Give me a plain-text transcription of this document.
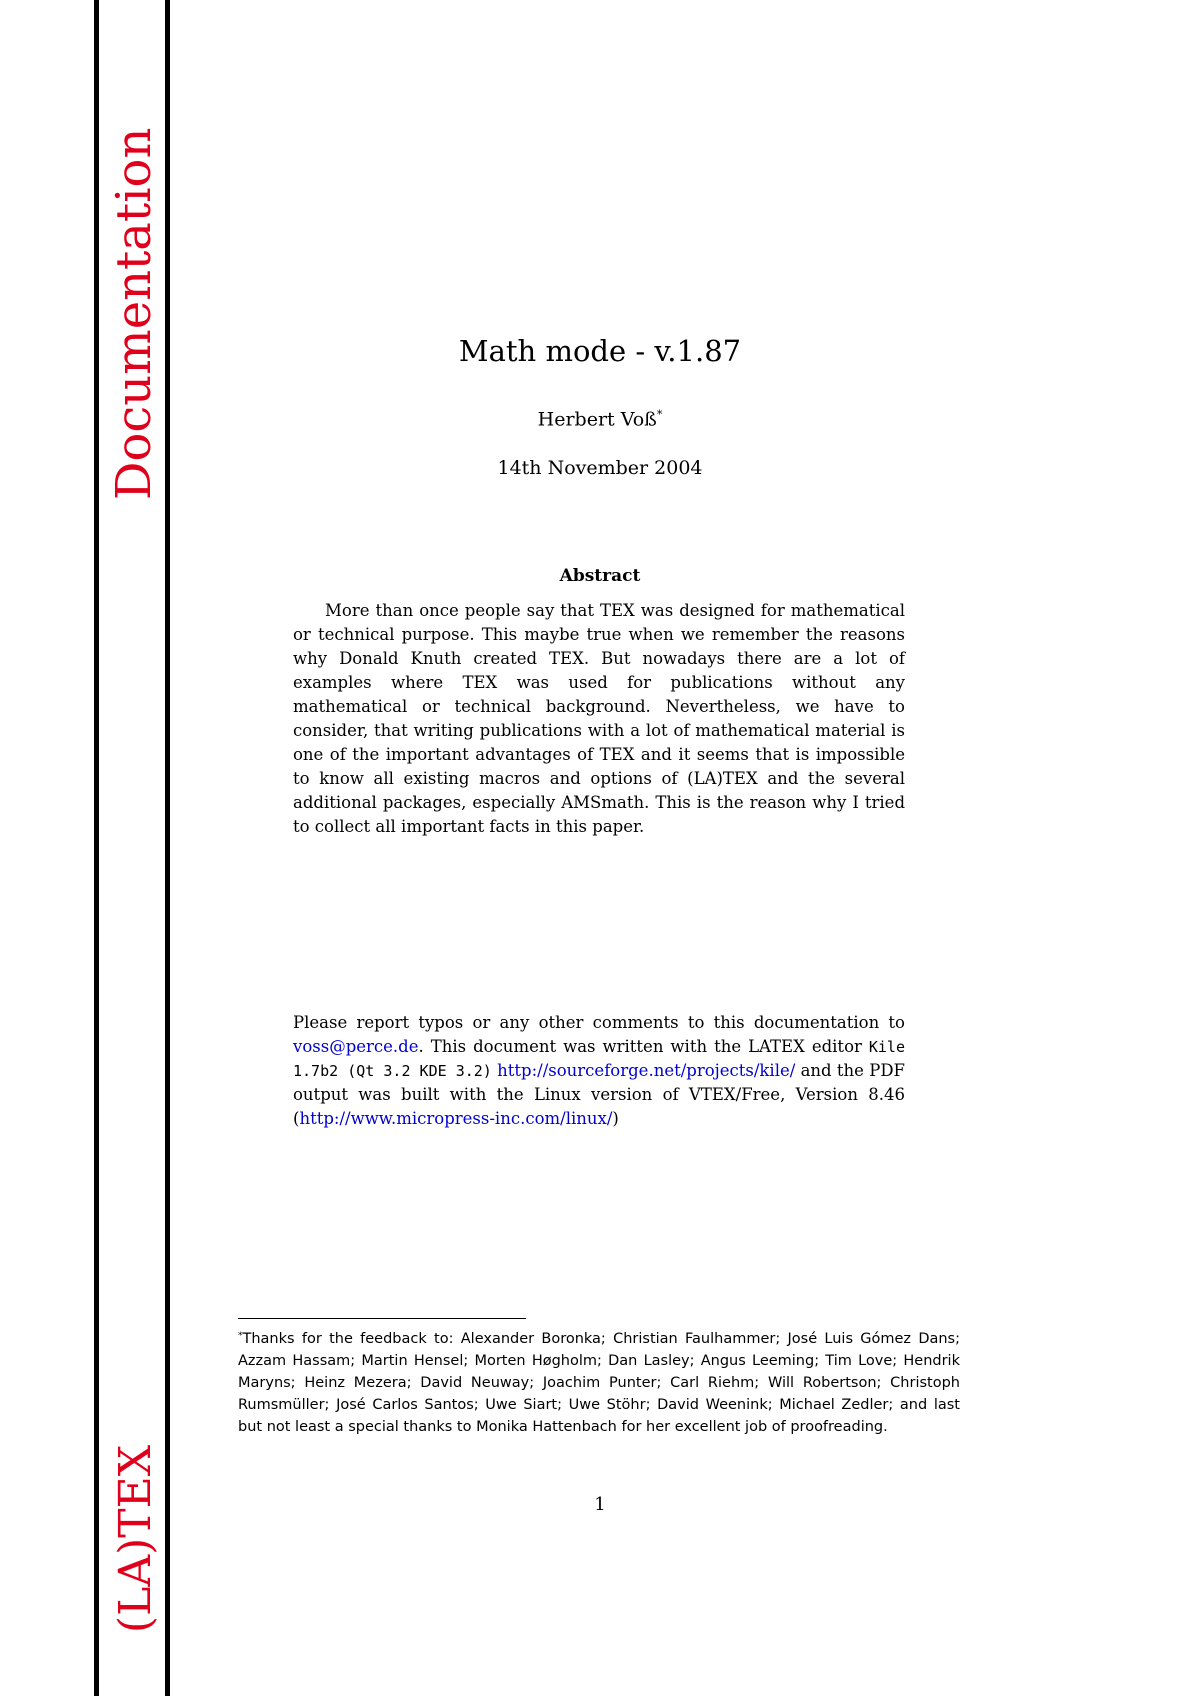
Documentation
(LA)TEX
Math mode - v.1.87
Herbert Voß*
14th November 2004
Abstract

More than once people say that TEX was designed for mathematical or technical purpose. This maybe true when we remember the reasons why Donald Knuth created TEX. But nowadays there are a lot of examples where TEX was used for publications without any mathematical or technical background. Nevertheless, we have to consider, that writing publications with a lot of mathematical material is one of the important advantages of TEX and it seems that is impossible to know all existing macros and options of (LA)TEX and the several additional packages, especially AMSmath. This is the reason why I tried to collect all important facts in this paper.

Please report typos or any other comments to this documentation to voss@perce.de. This document was written with the LATEX editor Kile 1.7b2 (Qt 3.2 KDE 3.2) http://sourceforge.net/projects/kile/ and the PDF output was built with the Linux version of VTEX/Free, Version 8.46 (http://www.micropress-inc.com/linux/)

*Thanks for the feedback to: Alexander Boronka; Christian Faulhammer; José Luis Gómez Dans; Azzam Hassam; Martin Hensel; Morten Høgholm; Dan Lasley; Angus Leeming; Tim Love; Hendrik Maryns; Heinz Mezera; David Neuway; Joachim Punter; Carl Riehm; Will Robertson; Christoph Rumsmüller; José Carlos Santos; Uwe Siart; Uwe Stöhr; David Weenink; Michael Zedler; and last but not least a special thanks to Monika Hattenbach for her excellent job of proofreading.
1
